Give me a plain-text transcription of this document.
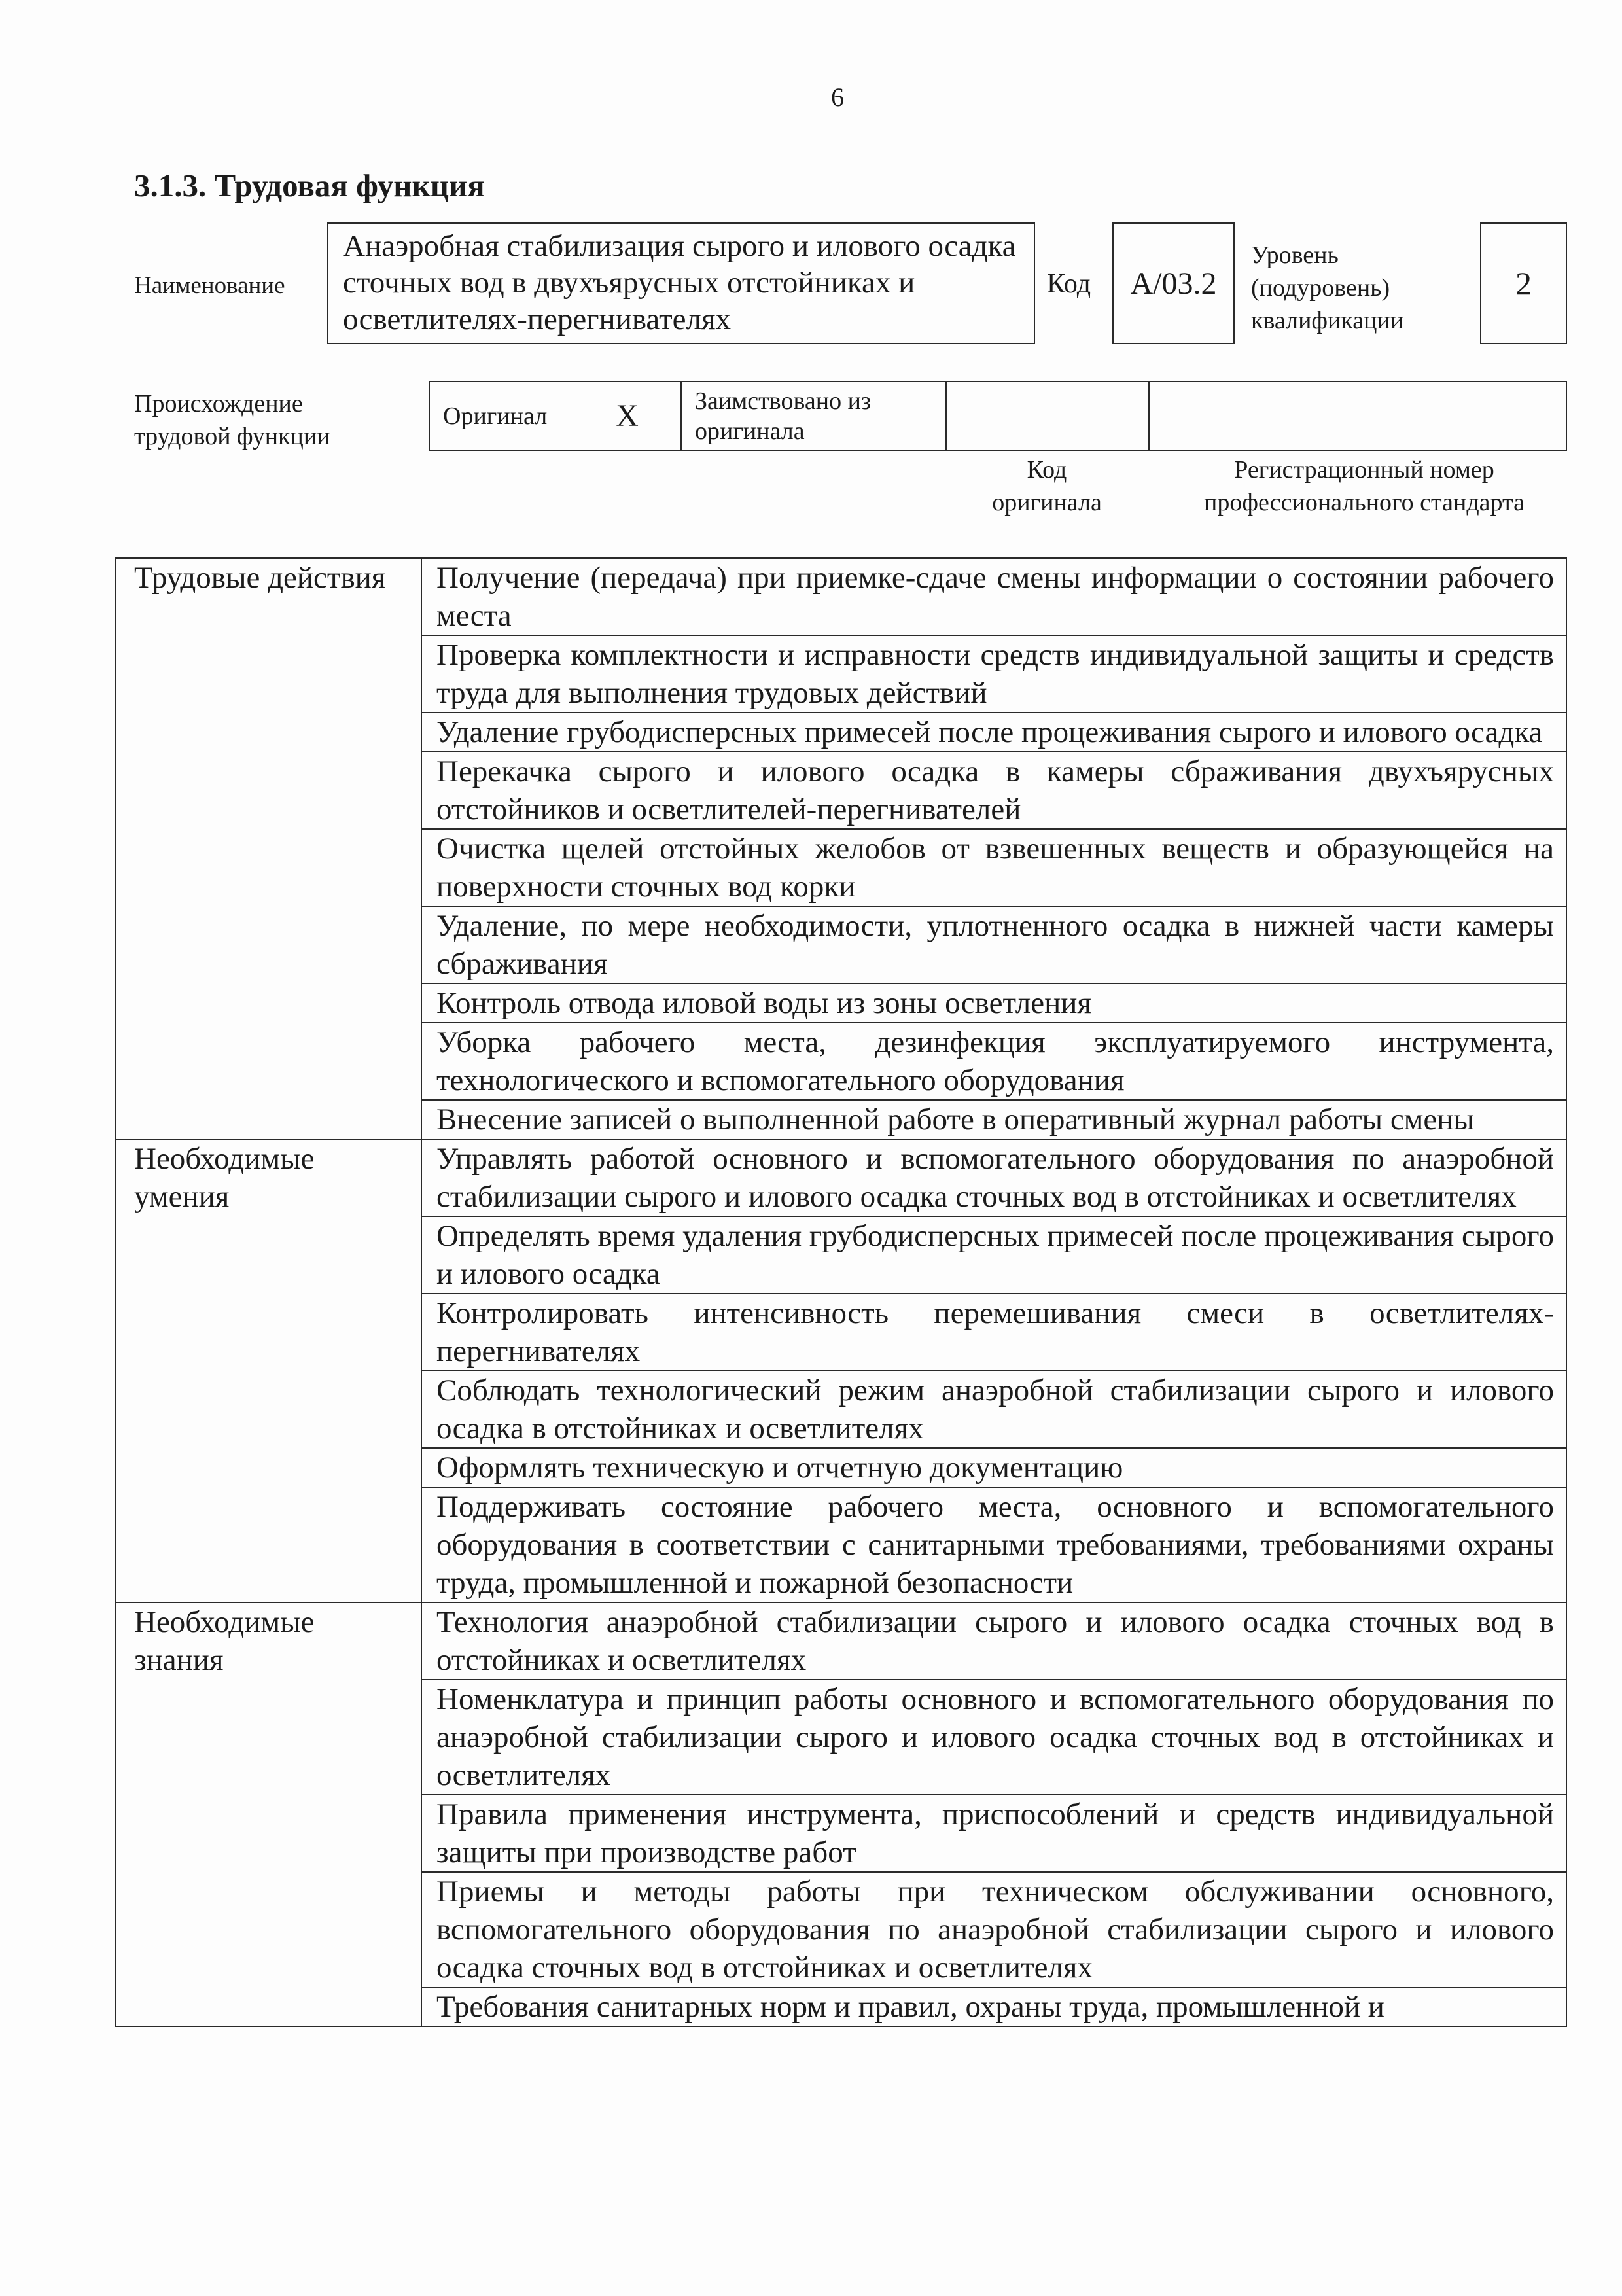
6
3.1.3. Трудовая функция
Наименование
Анаэробная стабилизация сырого и илового осадка сточных вод в двухъярусных отстойниках и осветлителях-перегнивателях
Код	A/03.2
Уровень
(подуровень)
квалификации
2
Происхождение
трудовой функции
Оригинал X	Заимствовано из оригинала
Код
оригинала
Регистрационный номер
профессионального стандарта
Трудовые действия	Получение (передача) при приемке-сдаче смены информации о состоянии рабочего места
	Проверка комплектности и исправности средств индивидуальной защиты и средств труда для выполнения трудовых действий
	Удаление грубодисперсных примесей после процеживания сырого и илового осадка
	Перекачка сырого и илового осадка в камеры сбраживания двухъярусных отстойников и осветлителей-перегнивателей
	Очистка щелей отстойных желобов от взвешенных веществ и образующейся на поверхности сточных вод корки
	Удаление, по мере необходимости, уплотненного осадка в нижней части камеры сбраживания
	Контроль отвода иловой воды из зоны осветления
	Уборка рабочего места, дезинфекция эксплуатируемого инструмента, технологического и вспомогательного оборудования
	Внесение записей о выполненной работе в оперативный журнал работы смены
Необходимые умения	Управлять работой основного и вспомогательного оборудования по анаэробной стабилизации сырого и илового осадка сточных вод в отстойниках и осветлителях
	Определять время удаления грубодисперсных примесей после процеживания сырого и илового осадка
	Контролировать интенсивность перемешивания смеси в осветлителях-перегнивателях
	Соблюдать технологический режим анаэробной стабилизации сырого и илового осадка в отстойниках и осветлителях
	Оформлять техническую и отчетную документацию
	Поддерживать состояние рабочего места, основного и вспомогательного оборудования в соответствии с санитарными требованиями, требованиями охраны труда, промышленной и пожарной безопасности
Необходимые знания	Технология анаэробной стабилизации сырого и илового осадка сточных вод в отстойниках и осветлителях
	Номенклатура и принцип работы основного и вспомогательного оборудования по анаэробной стабилизации сырого и илового осадка сточных вод в отстойниках и осветлителях
	Правила применения инструмента, приспособлений и средств индивидуальной защиты при производстве работ
	Приемы и методы работы при техническом обслуживании основного, вспомогательного оборудования по анаэробной стабилизации сырого и илового осадка сточных вод в отстойниках и осветлителях
	Требования санитарных норм и правил, охраны труда, промышленной и
